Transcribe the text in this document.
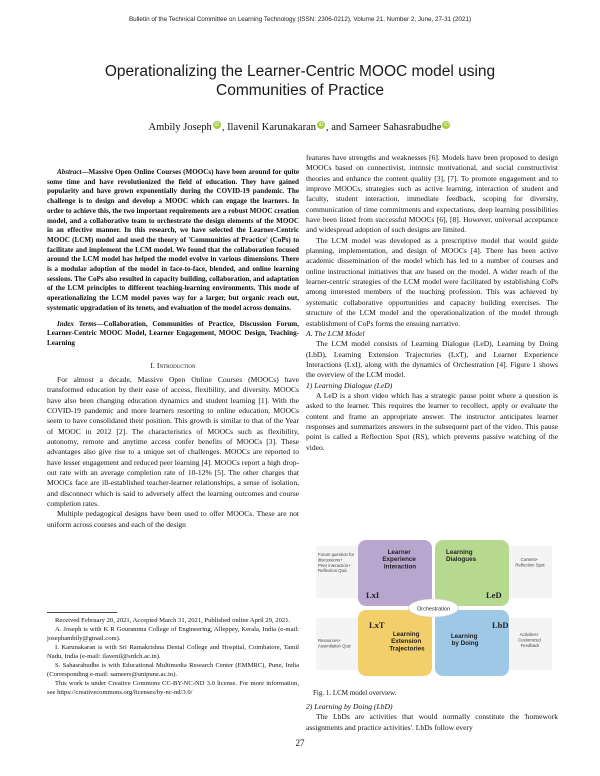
Bulletin of the Technical Committee on Learning Technology (ISSN: 2306-0212), Volume 21, Number 2, June, 27-31 (2021)
Operationalizing the Learner-Centric MOOC model using Communities of Practice
Ambily Joseph iD , Ilavenil Karunakaran iD , and Sameer Sahasrabudhe iD

Abstract—Massive Open Online Courses (MOOCs) have been around for quite some time and have revolutionized the field of education. They have gained popularity and have grown exponentially during the COVID-19 pandemic. The challenge is to design and develop a MOOC which can engage the learners. In order to achieve this, the two important requirements are a robust MOOC creation model, and a collaborative team to orchestrate the design elements of the MOOC in an effective manner. In this research, we have selected the Learner-Centric MOOC (LCM) model and used the theory of 'Communities of Practice' (CoPs) to facilitate and implement the LCM model. We found that the collaboration focused around the LCM model has helped the model evolve in various dimensions. There is a modular adoption of the model in face-to-face, blended, and online learning sessions. The CoPs also resulted in capacity building, collaboration, and adaptation of the LCM principles to different teaching-learning environments. This mode of operationalizing the LCM model paves way for a larger, but organic reach out, systematic upgradation of its tenets, and evaluation of the model across domains.

Index Terms—Collaboration, Communities of Practice, Discussion Forum, Learner-Centric MOOC Model, Learner Engagement, MOOC Design, Teaching-Learning

I. Introduction

For almost a decade, Massive Open Online Courses (MOOCs) have transformed education by their ease of access, flexibility, and diversity. MOOCs have also been changing education dynamics and student learning [1]. With the COVID-19 pandemic and more learners resorting to online education, MOOCs seem to have consolidated their position. This growth is similar to that of the Year of MOOC in 2012 [2]. The characteristics of MOOCs such as flexibility, autonomy, remote and anytime access confer benefits of MOOCs [3]. These advantages also give rise to a unique set of challenges. MOOCs are reported to have lesser engagement and reduced peer learning [4]. MOOCs report a high drop-out rate with an average completion rate of 10-12% [5]. The other charges that MOOCs face are ill-established teacher-learner relationships, a sense of isolation, and disconnect which is said to adversely affect the learning outcomes and course completion rates.

Multiple pedagogical designs have been used to offer MOOCs. These are not uniform across courses and each of the design

Received February 20, 2021, Accepted March 31, 2021, Published online April 29, 2021.

A. Joseph is with K R Gouramma College of Engineering, Alleppey, Kerala, India (e-mail: josephambily@gmail.com).

I. Karunakaran is with Sri Ramakrishna Dental College and Hospital, Coimbatore, Tamil Nadu, India (e-mail: ilavenil@srdch.ac.in).

S. Sahasrabudhe is with Educational Multimedia Research Center (EMMRC), Pune, India (Corresponding e-mail: sameers@unipune.ac.in).

This work is under Creative Commons CC-BY-NC-ND 3.0 license. For more information, see https://creativecommons.org/licenses/by-nc-nd/3.0/

features have strengths and weaknesses [6]. Models have been proposed to design MOOCs based on connectivist, intrinsic motivational, and social constructivist theories and enhance the content quality [3], [7]. To promote engagement and to improve MOOCs, strategies such as active learning, interaction of student and faculty, student interaction, immediate feedback, scoping for diversity, communication of time commitments and expectations, deep learning possibilities have been listed from successful MOOCs [6], [8]. However, universal acceptance and widespread adoption of such designs are limited.

The LCM model was developed as a prescriptive model that would guide planning, implementation, and design of MOOCs [4]. There has been active academic dissemination of the model which has led to a number of courses and online instructional initiatives that are based on the model. A wider reach of the learner-centric strategies of the LCM model were facilitated by establishing CoPs among interested members of the teaching profession. This was achieved by systematic collaborative opportunities and capacity building exercises. The structure of the LCM model and the operationalization of the model through establishment of CoPs forms the ensuing narrative.

A. The LCM Model

The LCM model consists of Learning Dialogue (LeD), Learning by Doing (LbD), Learning Extension Trajectories (LxT), and Learner Experience Interactions (LxI), along with the dynamics of Orchestration [4]. Figure 1 shows the overview of the LCM model.

1) Learning Dialogue (LeD)

A LeD is a short video which has a strategic pause point where a question is asked to the learner. This requires the learner to recollect, apply or evaluate the content and frame an appropriate answer. The instructor anticipates learner responses and summarizes answers in the subsequent part of the video. This pause point is called a Reflection Spot (RS), which prevents passive watching of the video.

Orchestration
Forum question for discussions+ Peer interaction+ Reflection Quiz
Learner Experience Interaction
LxI
Learning Dialogues
LeD
Content+ Reflection Spot
LxT
Learning Extension Trajectories
Resources+ Assimilation Quiz
LbD
Learning by Doing
Activities+ Customized Feedback
Fig. 1. LCM model overview.

2) Learning by Doing (LbD)

The LbDs are activities that would normally constitute the 'homework assignments and practice activities'. LbDs follow every

27
